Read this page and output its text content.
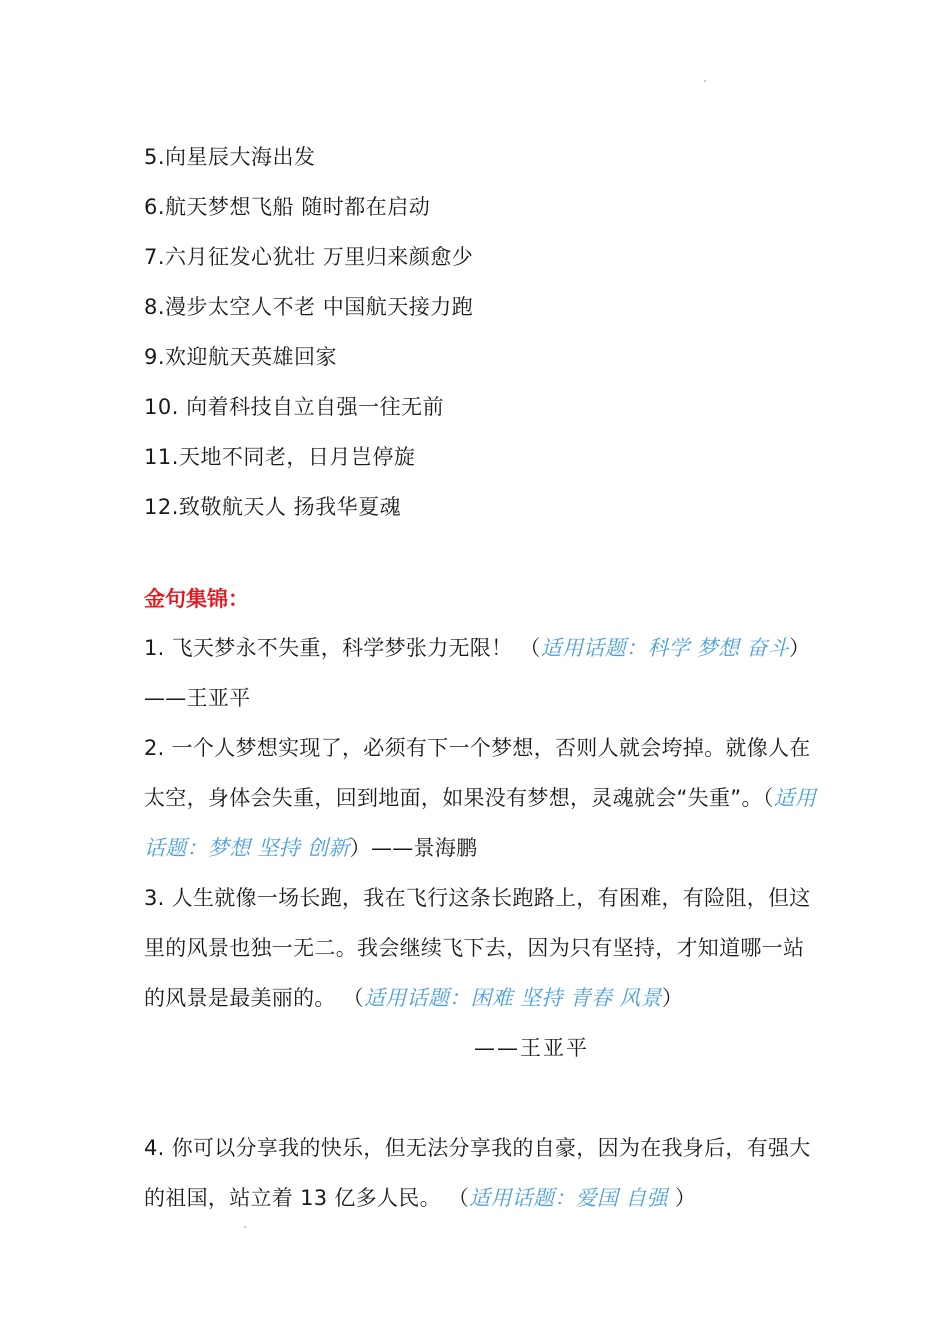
5.向星辰大海出发
6.航天梦想飞船 随时都在启动
7.六月征发心犹壮 万里归来颜愈少
8.漫步太空人不老 中国航天接力跑
9.欢迎航天英雄回家
10. 向着科技自立自强一往无前
11.天地不同老，日月岂停旋
12.致敬航天人 扬我华夏魂
金句集锦：
1. 飞天梦永不失重，科学梦张力无限！ （适用话题：科学 梦想 奋斗） ——王亚平
2. 一个人梦想实现了，必须有下一个梦想，否则人就会垮掉。就像人在太空，身体会失重，回到地面，如果没有梦想，灵魂就会“失重”。（适用话题：梦想 坚持 创新）——景海鹏
3. 人生就像一场长跑，我在飞行这条长跑路上，有困难，有险阻，但这里的风景也独一无二。我会继续飞下去，因为只有坚持，才知道哪一站的风景是最美丽的。 （适用话题：困难 坚持 青春 风景）——王亚平
4. 你可以分享我的快乐，但无法分享我的自豪，因为在我身后，有强大的祖国，站立着 13 亿多人民。 （适用话题：爱国 自强 ）
